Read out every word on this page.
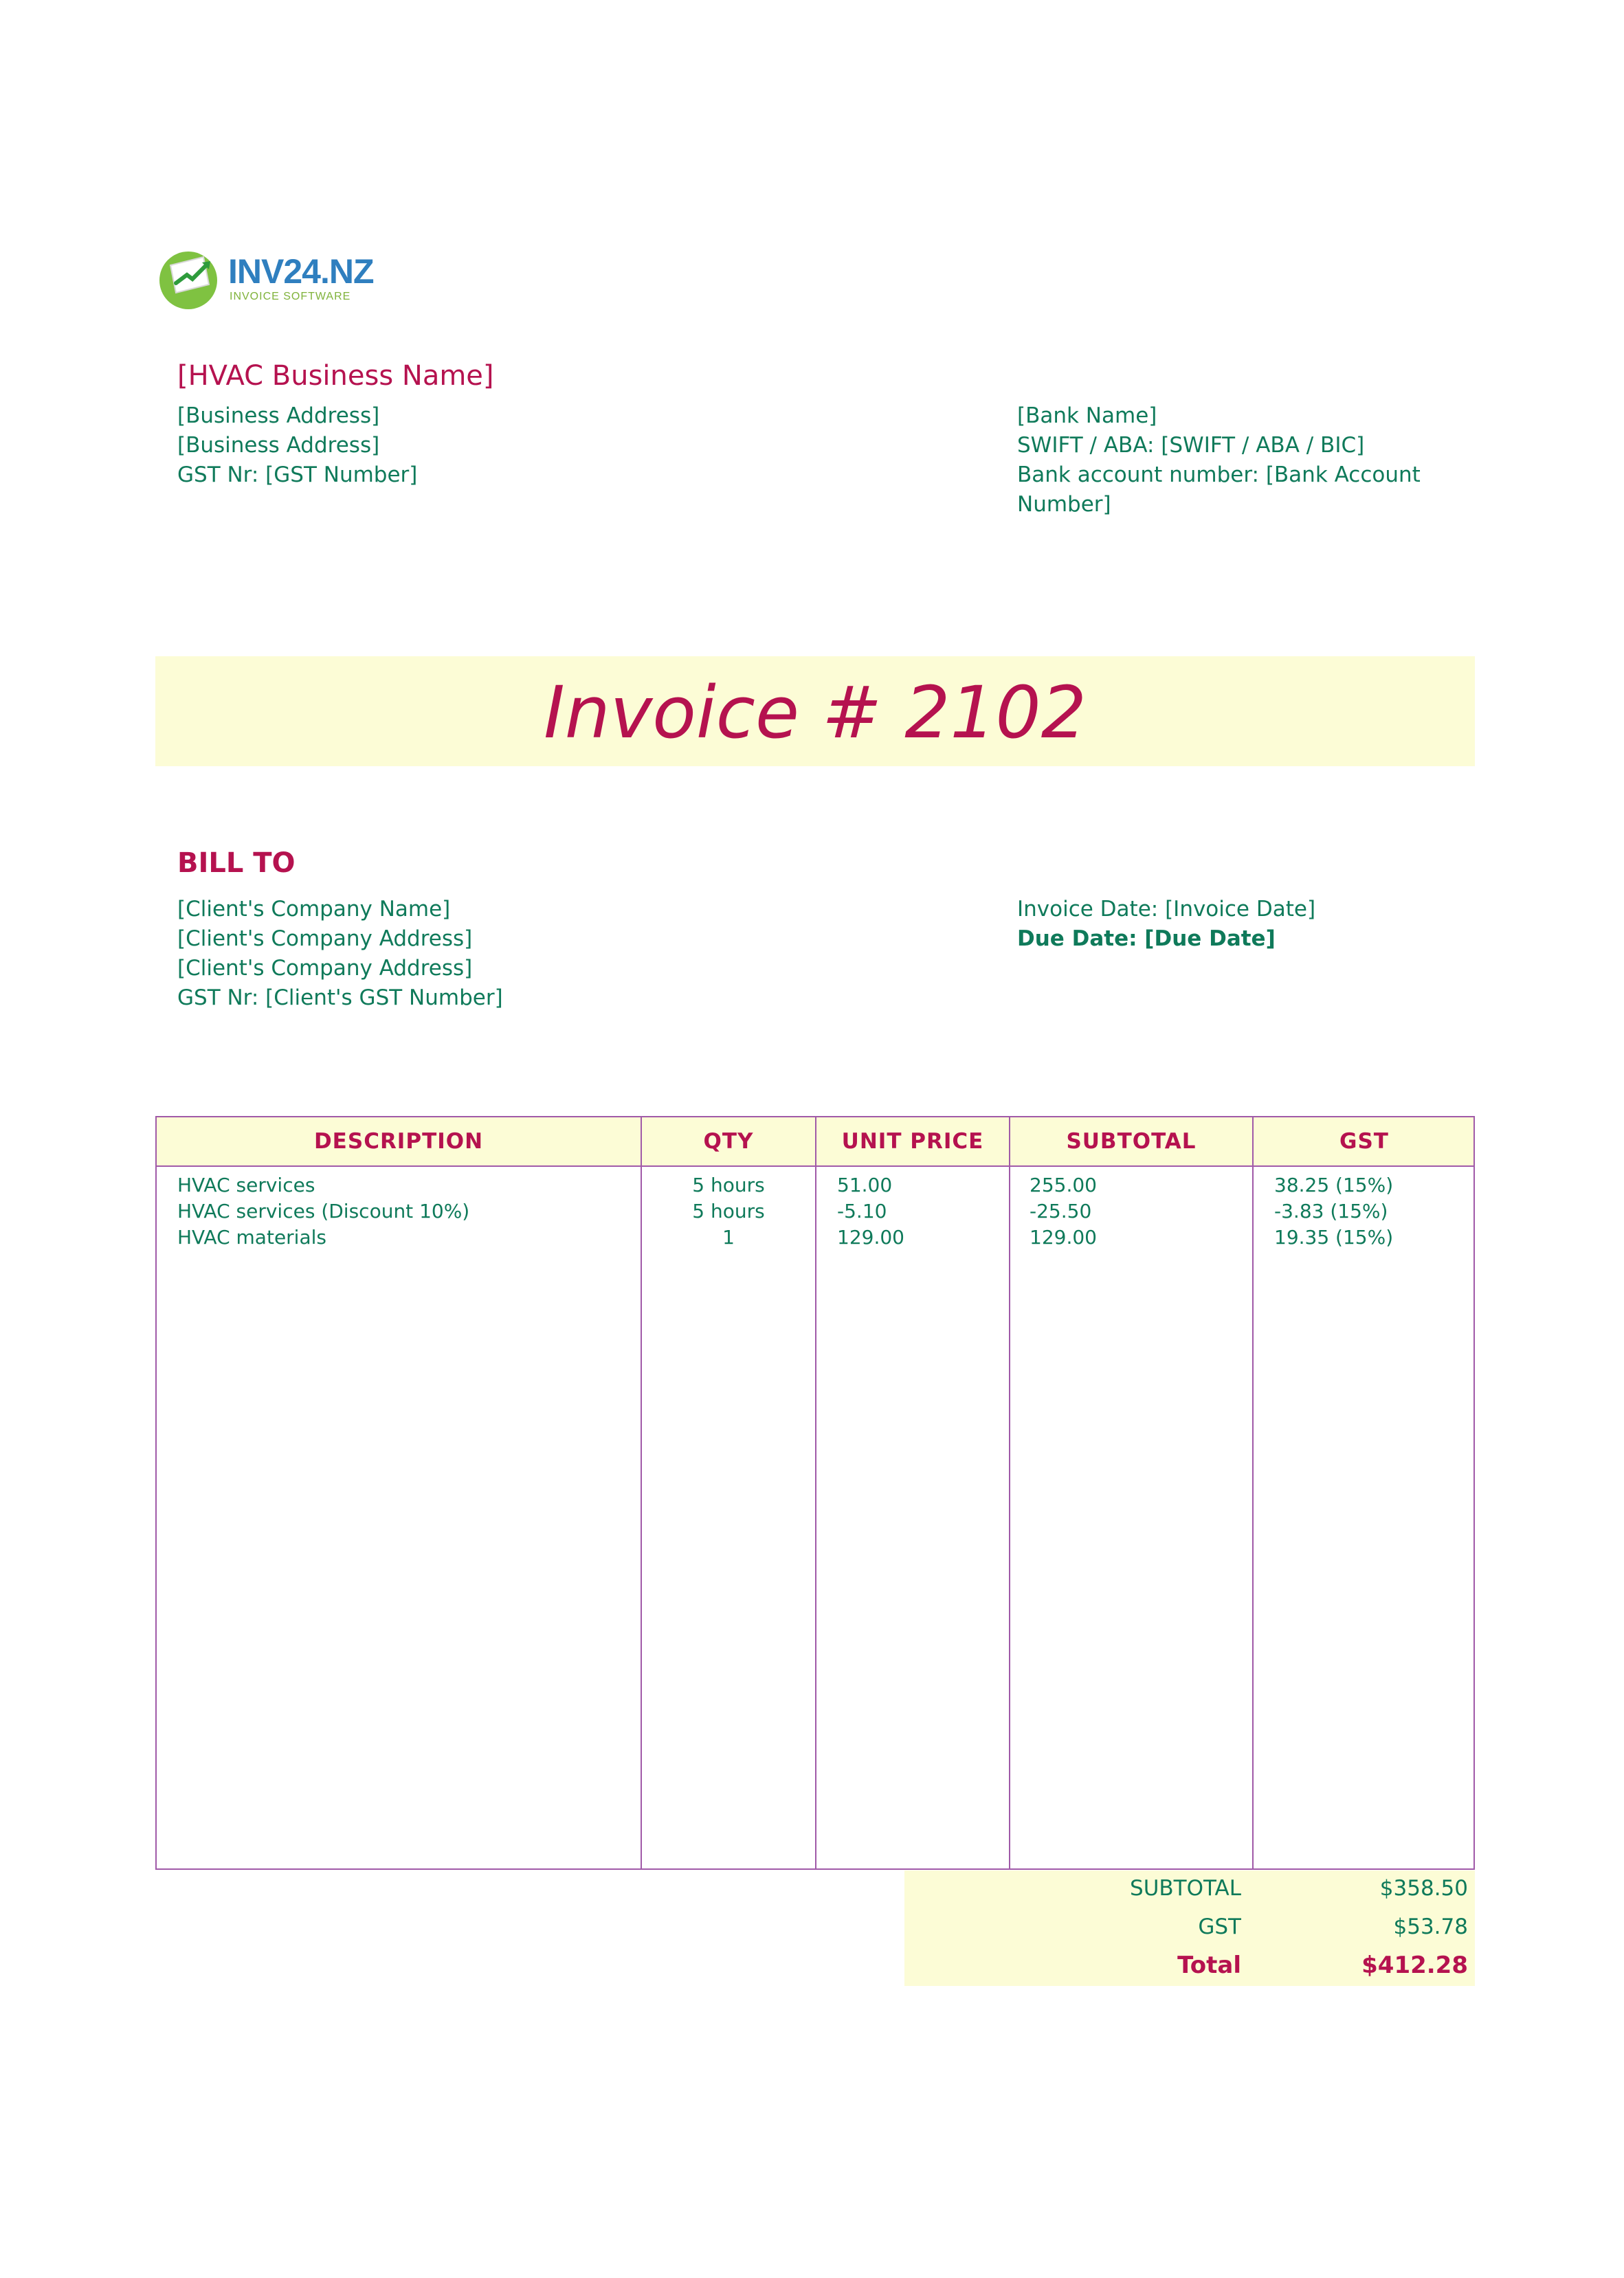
INV24.NZ
INVOICE SOFTWARE
[HVAC Business Name]
[Business Address]
[Business Address]
GST Nr: [GST Number]
[Bank Name]
SWIFT / ABA: [SWIFT / ABA / BIC]
Bank account number: [Bank Account
Number]
Invoice # 2102
BILL TO
[Client's Company Name]
[Client's Company Address]
[Client's Company Address]
GST Nr: [Client's GST Number]
Invoice Date: [Invoice Date]
Due Date: [Due Date]
DESCRIPTION	QTY	UNIT PRICE	SUBTOTAL	GST
HVAC services	5 hours	51.00	255.00	38.25 (15%)
HVAC services (Discount 10%)	5 hours	-5.10	-25.50	-3.83 (15%)
HVAC materials	1	129.00	129.00	19.35 (15%)
SUBTOTAL	$358.50
GST	$53.78
Total	$412.28
